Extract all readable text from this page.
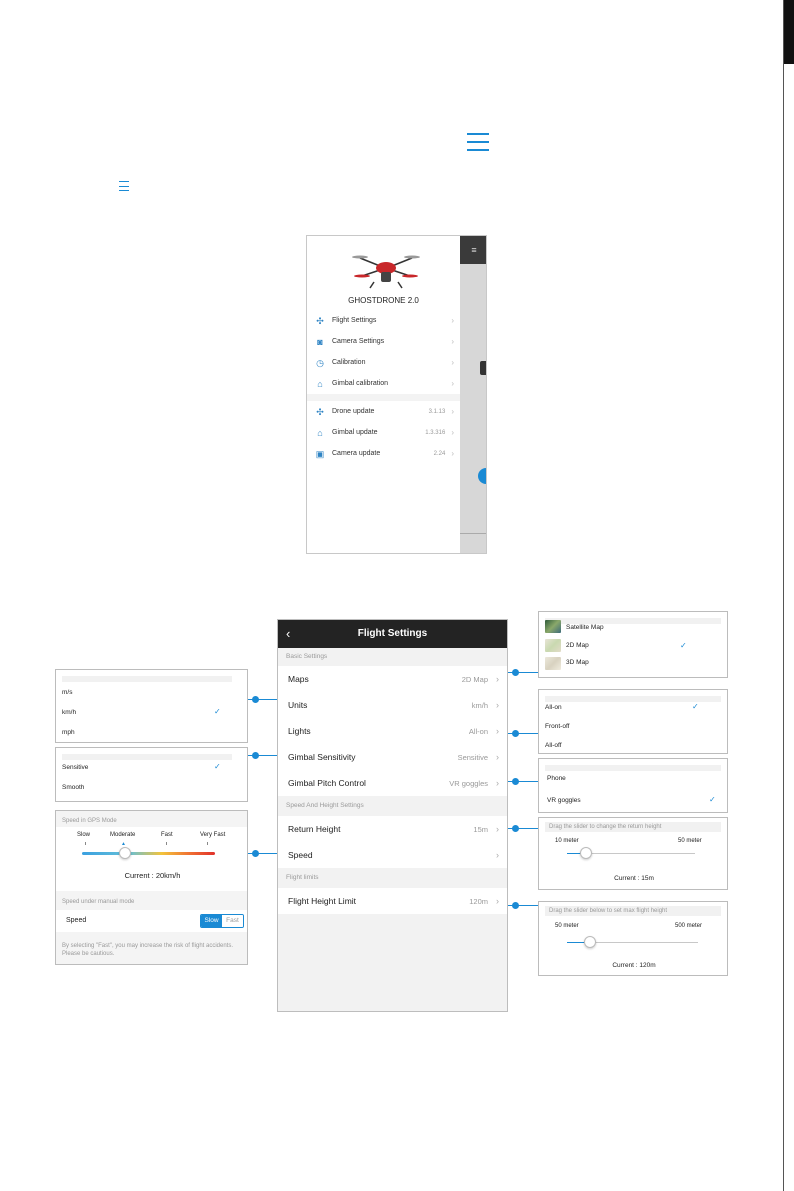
GHOSTDRONE 2.0
✣ Flight Settings	›
◙	Camera Settings	›
◷ Calibration	›
⌂	Gimbal calibration	›
✣ Drone update	3.1.13 ›
⌂	Gimbal update	1.3.316 ›
▣ Camera update	2.24 ›
≡
‹	Flight Settings
Basic Settings
Maps	2D Map ›
Units	km/h ›
Lights	All-on ›
Gimbal Sensitivity	Sensitive ›
Gimbal Pitch Control	VR goggles ›
Speed And Height Settings
Return Height	15m ›
Speed	›
Flight limits
Flight Height Limit	120m ›
Satellite Map
2D Map	✓
3D Map
All-on	✓
Front-off
All-off
Phone
VR goggles	✓
Drag the slider to change the return height
10 meter	50 meter
Current : 15m
Drag the slider below to set max flight height
50 meter	500 meter
Current : 120m
m/s
km/h	✓
mph
Sensitive	✓
Smooth
Speed in GPS Mode
Slow	Moderate	Fast	Very Fast
▲
Current : 20km/h
Speed under manual mode
Speed	Slow	Fast
By selecting "Fast", you may increase the risk of flight accidents. Please be cautious.
